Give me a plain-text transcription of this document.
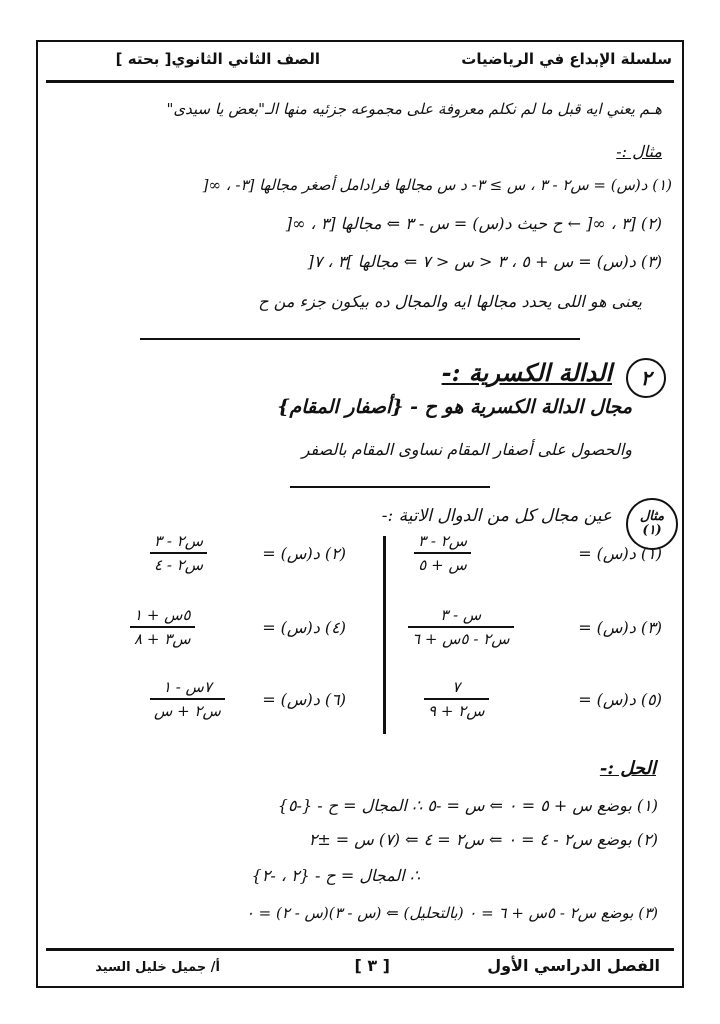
سلسلة الإبداع في الرياضيات
الصف الثاني الثانوي[ بحته ]
هـم يعني ايه قبل ما لم نكلم معروفة على مجموعه جزئيه منها الـ"بعض يا سيدى"
مثال :-
(١) د(س) = س٢ - ٣ ، س ≥ ٣- د س مجالها فرادامل أصغر مجالها [٣- ، ∞[
(٢) [٣ ، ∞[ ← ح حيث د(س) = س - ٣ ⇐ مجالها [٣ ، ∞[
(٣) د(س) = س + ٥ ، ٣ < س < ٧ ⇐ مجالها ]٣ ، ٧[
يعنى هو اللى يحدد مجالها ايه والمجال ده بيكون جزء من ح
٢
الدالة الكسرية :-
مجال الدالة الكسرية هو ح - {أصفار المقام}
والحصول على أصفار المقام نساوى المقام بالصفر
مثال (١)
عين مجال كل من الدوال الاتية :-
(١) د(س) =
س٢ - ٣
س + ٥
(٣) د(س) =
س - ٣
س٢ - ٥س + ٦
(٥) د(س) =
٧
س٢ + ٩
(٢) د(س) =
س٢ - ٣
س٢ - ٤
(٤) د(س) =
٥س + ١
س٣ + ٨
(٦) د(س) =
٧س - ١
س٢ + س
الحل :-
(١) بوضع س + ٥ = ٠ ⇐ س = -٥ ∴ المجال = ح - {-٥}
(٢) بوضع س٢ - ٤ = ٠ ⇐ س٢ = ٤ ⇐ (٧) س = ±٢
∴ المجال = ح - {٢ ، -٢}
(٣) بوضع س٢ - ٥س + ٦ = ٠ (بالتحليل) ⇐ (س - ٣)(س - ٢) = ٠
الفصل الدراسي الأول
[ ٣ ]
أ/ جميل خليل السيد
